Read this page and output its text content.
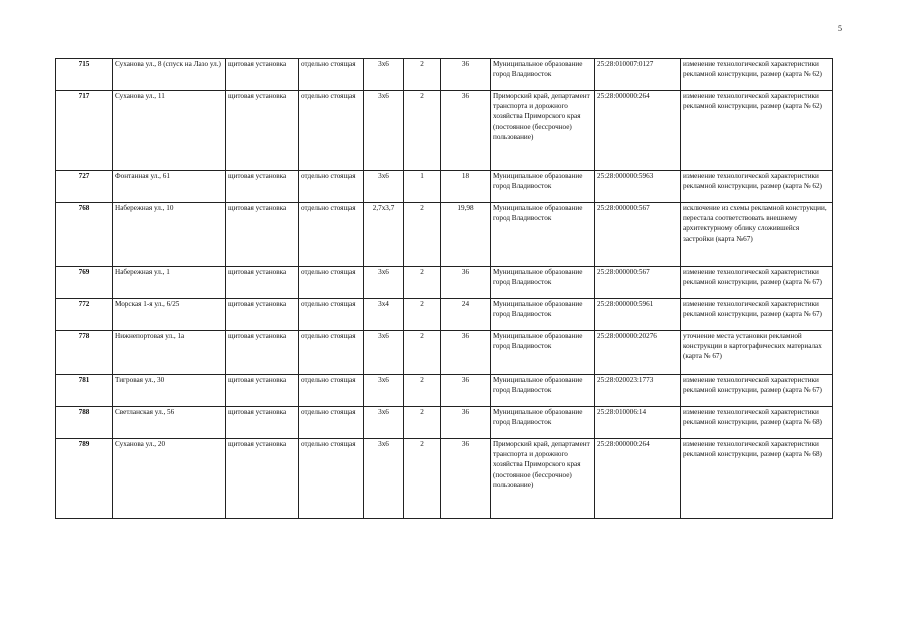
5
715	Суханова ул., 8 (спуск на Лазо ул.)	щитовая установка	отдельно стоящая	3x6	2	36	Муниципальное образование город Владивосток	25:28:010007:0127	изменение технологической характеристики рекламной конструкции, размер (карта № 62)
717	Суханова ул., 11	щитовая установка	отдельно стоящая	3x6	2	36	Приморский край, департамент транспорта и дорожного хозяйства Приморского края (постоянное (бессрочное) пользование)	25:28:000000:264	изменение технологической характеристики рекламной конструкции, размер (карта № 62)
727	Фонтанная ул., 61	щитовая установка	отдельно стоящая	3x6	1	18	Муниципальное образование город Владивосток	25:28:000000:5963	изменение технологической характеристики рекламной конструкции, размер (карта № 62)
768	Набережная ул., 10	щитовая установка	отдельно стоящая	2,7x3,7	2	19,98	Муниципальное образование город Владивосток	25:28:000000:567	исключение из схемы рекламной конструкции, перестала соответствовать внешнему архитектурному облику сложившейся застройки (карта №67)
769	Набережная ул., 1	щитовая установка	отдельно стоящая	3x6	2	36	Муниципальное образование город Владивосток	25:28:000000:567	изменение технологической характеристики рекламной конструкции, размер (карта № 67)
772	Морская 1-я ул., 6/25	щитовая установка	отдельно стоящая	3x4	2	24	Муниципальное образование город Владивосток	25:28:000000:5961	изменение технологической характеристики рекламной конструкции, размер (карта № 67)
778	Нижнепортовая ул., 1а	щитовая установка	отдельно стоящая	3x6	2	36	Муниципальное образование город Владивосток	25:28:000000:20276	уточнение места установки рекламной конструкции в картографических материалах (карта № 67)
781	Тигровая ул., 30	щитовая установка	отдельно стоящая	3x6	2	36	Муниципальное образование город Владивосток	25:28:020023:1773	изменение технологической характеристики рекламной конструкции, размер (карта № 67)
788	Светланская ул., 56	щитовая установка	отдельно стоящая	3x6	2	36	Муниципальное образование город Владивосток	25:28:010006:14	изменение технологической характеристики рекламной конструкции, размер (карта № 68)
789	Суханова ул., 20	щитовая установка	отдельно стоящая	3x6	2	36	Приморский край, департамент транспорта и дорожного хозяйства Приморского края (постоянное (бессрочное) пользование)	25:28:000000:264	изменение технологической характеристики рекламной конструкции, размер (карта № 68)
